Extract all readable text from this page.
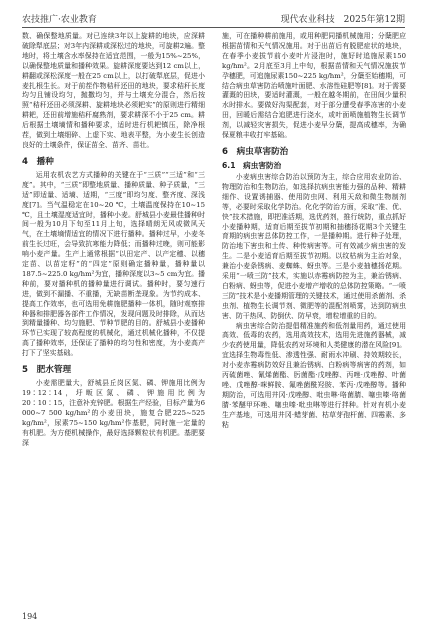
农技推广·农业教育	现代农业科技　2025年第12期

数、确保整地质量。对已连续3年以上旋耕的地块，应深耕破除犁底层；对3年内深耕或深松过的地块，可旋耕2遍。整地时，将土壤含水率保持在适宜范围，一般为15%~25%，以确保整地质量和播种效果。旋耕深度要达到12 cm以上，耕翻或深松深度一般在25 cm以上，以打破犁底层，促进小麦扎根生长。对于前茬作物秸秆还田的地块，要求秸秆长度均匀且铺设均匀，抛撒均匀，并与土壤充分混合，然后按照“秸秆还田必须深耕、旋耕地块必须耙实”的原则进行精细耕耙，还田前增施秸秆腐熟剂，要求耕深不小于25 cm。耕后根据土壤墒情和播种要求，适时进行机耙镇压，除净根茬，做到土壤细碎、上虚下实、地表平整，为小麦生长创造良好的土壤条件，保证苗全、苗齐、苗壮。

4　播种

运用农机农艺方式播种的关键在于“三质”“三适”和“三度”。其中，“三质”即整地质量、播种质量、种子质量，“三适”即适量、适墒、适期，“三度”即均匀度、整齐度、深浅度[7]。当气温稳定在10~20 ℃，土壤温度保持在10~15 ℃，且土壤湿度适宜时，播种小麦。舒城县小麦最佳播种时间一般为10月下旬至11月上旬，选择晴朗无风或微风天气，在土壤墒情适宜的情况下进行播种。播种过早，小麦冬前生长过旺，会导致抗寒能力降低；而播种过晚，则可能影响小麦产量。生产上通常根据“以田定产、以产定穗、以穗定苗、以苗定籽”的“四定”原则确定播种量，播种量以187.5~225.0 kg/hm²为宜，播种深度以3~5 cm为宜。播种前，要对播种机的播种量进行调试。播种时，要匀速行进，做到不漏播、不重播，无缺苗断垄现象。为节约成本、提高工作效率，也可选用免耕施肥播种一体机，随时观察排种器和排肥器各部件工作情况，发现问题及时排除，从而达到精量播种、均匀施肥、节种节肥的目的。舒城县小麦播种环节已实现了较高程度的机械化，通过机械化播种，不仅提高了播种效率，还保证了播种的均匀性和密度，为小麦高产打下了坚实基础。

5　肥水管理

小麦需肥量大，舒城县丘岗区氮、磷、钾施用比例为19∶12∶14，圩畈区氮、磷、钾施用比例为20∶10∶15，注意补充锌肥。根据生产经验，目标产量为6 000~7 500 kg/hm²的小麦田块，施复合肥225~525 kg/hm²，尿素75~150 kg/hm²作基肥，同时施一定量的有机肥。为方便机械操作，最好选择颗粒状有机肥。基肥要深

施，可在播种耕前施用，或用种肥同播机械施用；分蘖肥应根据苗情和天气情况施用。对于出苗后有脱肥症状的地块，在春季小麦拔节前小麦叶片浸泡时，施好时追施尿素150 kg/hm²。2月底至3月上中旬，根据苗情和天气情况施拔节孕穗肥，可追施尿素150~225 kg/hm²，分蘖至始穗期，可结合病虫草害防治喷施叶面肥、水溶性硅肥等[8]。对于需要灌溉的田块，要适时灌溉，一般在越冬期前，在田间少量积水时排水。要做好沟渠配套，对于部分遭受春季冻害的小麦田，回暖后需结合追肥进行浇水，或叶面喷施植物生长调节剂，以减轻灾害损失，促进小麦早分蘖，提高成穗率，为确保夏粮丰收打牢基础。

6　病虫草害防治
6.1　病虫害防治

小麦病虫害综合防治以预防为主，综合应用农业防治、物理防治和生物防治，如选择抗病虫害能力强的品种、精耕细作、设置诱捕器、使用防虫网、利用天敌和微生物制剂等，必要时采取化学防治。化化学防治方面，采取“准、优、快”技术措施，即把准活期，选优药剂，推行统防，重点抓好小麦播种期，适育后期至拔节初期和抽穗扬花期3个关键生育期的病虫害总体防控工作，一是播种期。进行种子处理，防治地下害虫和土传、种传病害等。可有效减少病虫害的发生。二是小麦适育后期至拔节初期。以纹枯病为主治对象，兼治小麦条锈病、麦蜘蛛、蚜虫等。三是小麦抽穗扬花期。采用“一喷三防”技术，实施以赤霉病防控为主，兼治锈病、白粉病、蚜虫等，促进小麦增产增收的总体防控策略。“一喷三防”技术是小麦播期管理的关键技术，通过使用杀菌剂、杀虫剂、植物生长调节剂、微肥等的混配剂喷雾，达到防病虫害、防干热风、防倒伏、防早衰，增粒增重的目的。

病虫害综合防治提倡精准施药和低剂量用药，通过使用高效、低毒的农药，选用高效技术，选用先进施药器械，减少农药使用量，降低农药对环境和人类健康的潜在风险[9]。宜选择生物毒性低、渗透性强、耐雨水冲刷、持效期较长，对小麦赤霉病防效好且兼治锈病、白粉病等病害的药剂，如丙硫菌唑、氰烯菌酯、肟菌酯·戊唑醇、丙唑·戊唑醇、叶菌唑、戊唑醇·咪鲜胺、氟唑菌酰羟胺、苯丙·戊唑醇等。播种期防治，可选用井冈·戊唑醇、吡虫啉·咯菌腈、噻虫嗪·咯菌腈·苯醚甲环唑、噻虫嗪·吡虫啉等进行拌种。针对有机小麦生产基地，可选用井冈·蜡芽菌、枯草芽孢杆菌、四霉素、多粘

194
